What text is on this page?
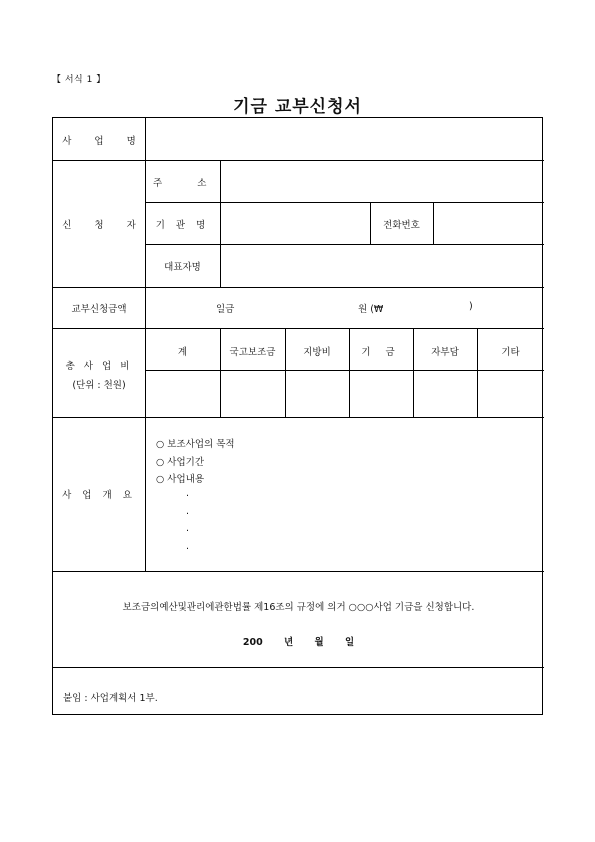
【 서식 1 】
기금 교부신청서
사 업 명
신 청 자
주 소
기 관 명	전화번호
대표자명
교부신청금액	일금	원 (₩	)
총 사 업 비
(단위 : 천원)
계	국고보조금	지방비	기 금	자부담	기타
사 업 개 요
○ 보조사업의 목적
○ 사업기간
○ 사업내용
.
.
.
.
보조금의예산및관리에관한법률 제16조의 규정에 의거 ○○○사업 기금을 신청합니다.
200 년 월 일
붙임 : 사업계획서 1부.
